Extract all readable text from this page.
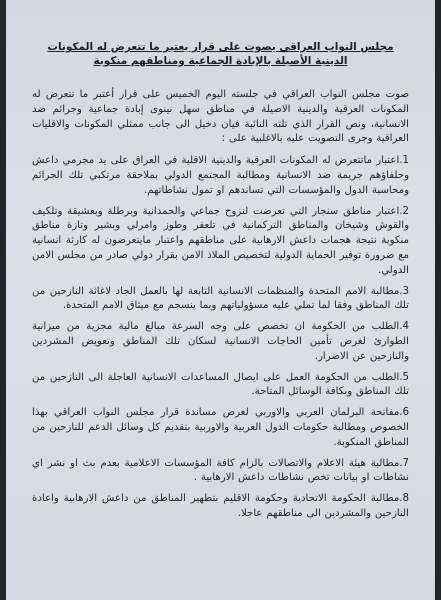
مجلس النواب العراقي يصوت على قرار يعتبر ما تتعرض له المكونات الدينية الأصيلة بالإبادة الجماعية ومناطقهم منكوبة

صوت مجلس النواب العراقي في جلسته اليوم الخميس على قرار أعتبر ما تتعرض له المكونات العرقية والدينية الاصيلة في مناطق سهل نينوى إبادة جماعية وجرائم ضد الانسانية، ونص القرار الذي تلته النائبة فيان دخيل الى جانب ممثلي المكونات والاقليات العراقية وجرى التصويت عليه بالاغلبية على :

1.اعتبار ماتتعرض له المكونات العرقية والدينية الاقلية في العراق على يد مجرمي داعش وحلفاؤهم جريمة ضد الانسانية ومطالبة المجتمع الدولي بملاحقة مرتكبي تلك الجرائم ومحاسبة الدول والمؤسسات التي تساندهم او تمول نشاطاتهم.

2.اعتبار مناطق سنجار التي تعرضت لنزوح جماعي والحمدانية وبرطلة وبعشيقة وتلكيف والقوش وشيخان والمناطق التركمانية في تلعفر وطوز وامرلي وبشير وتازة مناطق منكوبة نتيجة هجمات داعش الارهابية على مناطقهم واعتبار مايتعرضون له كارثة انسانية مع ضرورة توفير الحماية الدولية لتخصيص الملاذ الامن بقرار دولي صادر من مجلس الامن الدولي.

3.مطالبة الامم المتحدة والمنظمات الانسانية التابعة لها بالعمل الجاد لاغاثة النازحين من تلك المناطق وفقا لما تملي عليه مسؤولياتهم وبما ينسجم مع ميثاق الامم المتحدة.

4.الطلب من الحكومة ان تخصص على وجه السرعة مبالغ مالية مجزية من ميزانية الطوارئ لغرض تأمين الحاجات الانسانية لسكان تلك المناطق وتعويض المشردين والنازحين عن الاضرار.

5.الطلب من الحكومة العمل على ايصال المساعدات الانسانية العاجلة الى النازحين من تلك المناطق وبكافة الوسائل المتاحة.

6.مفاتحة البرلمان العربي والاوربي لغرض مساندة قرار مجلس النواب العراقي بهذا الخصوص ومطالبة حكومات الدول العربية والاوربية بتقديم كل وسائل الدعم للنازحين من المناطق المنكوبة.

7.مطالبة هيئة الاعلام والاتصالات بالزام كافة المؤسسات الاعلامية بعدم بث او نشر اي نشاطات او بيانات تخص نشاطات داعش الارهابية .

8.مطالبة الحكومة الاتحادية وحكومة الاقليم بتطهير المناطق من داعش الارهابية واعادة النازحين والمشردين الى مناطقهم عاجلا.
